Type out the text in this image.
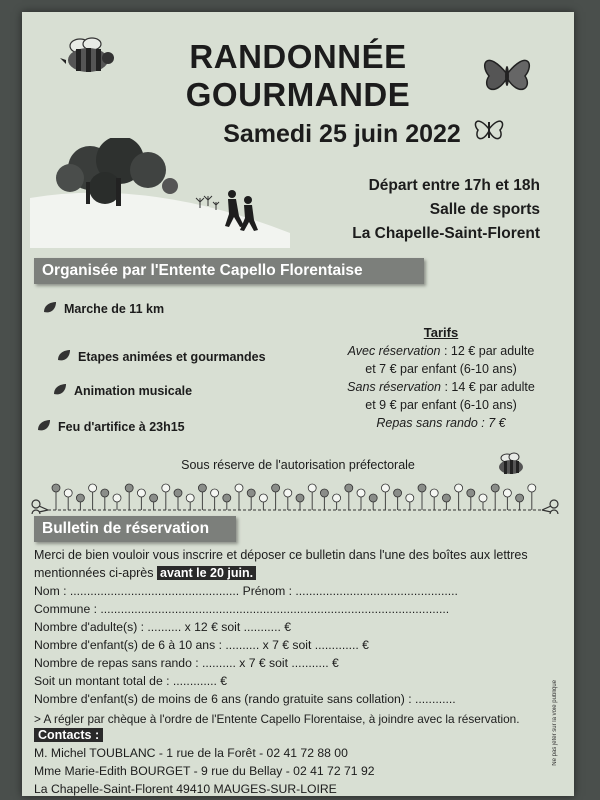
RANDONNÉE
GOURMANDE
Samedi 25 juin 2022
Départ entre 17h et 18h
Salle de sports
La Chapelle-Saint-Florent
Organisée par l'Entente Capello Florentaise
Marche de 11 km
Etapes animées et gourmandes
Animation musicale
Feu d'artifice à 23h15
Tarifs
Avec réservation : 12 € par adulte
et 7 € par enfant (6-10 ans)
Sans réservation : 14 € par adulte
et 9 € par enfant (6-10 ans)
Repas sans rando : 7 €
Sous réserve de l'autorisation préfectorale
Bulletin de réservation
Merci de bien vouloir vous inscrire et déposer ce bulletin dans l'une des boîtes aux lettres mentionnées ci-après avant le 20 juin.
Nom : .................................................. Prénom : ................................................
Commune : .......................................................................................................
Nombre d'adulte(s) : .......... x 12 € soit ........... €
Nombre d'enfant(s) de 6 à 10 ans : .......... x 7 € soit ............. €
Nombre de repas sans rando : .......... x 7 € soit ........... €
Soit un montant total de : ............. €
Nombre d'enfant(s) de moins de 6 ans (rando gratuite sans collation) : ............
> A régler par chèque à l'ordre de l'Entente Capello Florentaise, à joindre avec la réservation.
Contacts :
M. Michel TOUBLANC - 1 rue de la Forêt - 02 41 72 88 00
Mme Marie-Edith BOURGET - 9 rue du Bellay - 02 41 72 71 92
La Chapelle-Saint-Florent 49410 MAUGES-SUR-LOIRE
Ne pas jeter sur la voie publique
